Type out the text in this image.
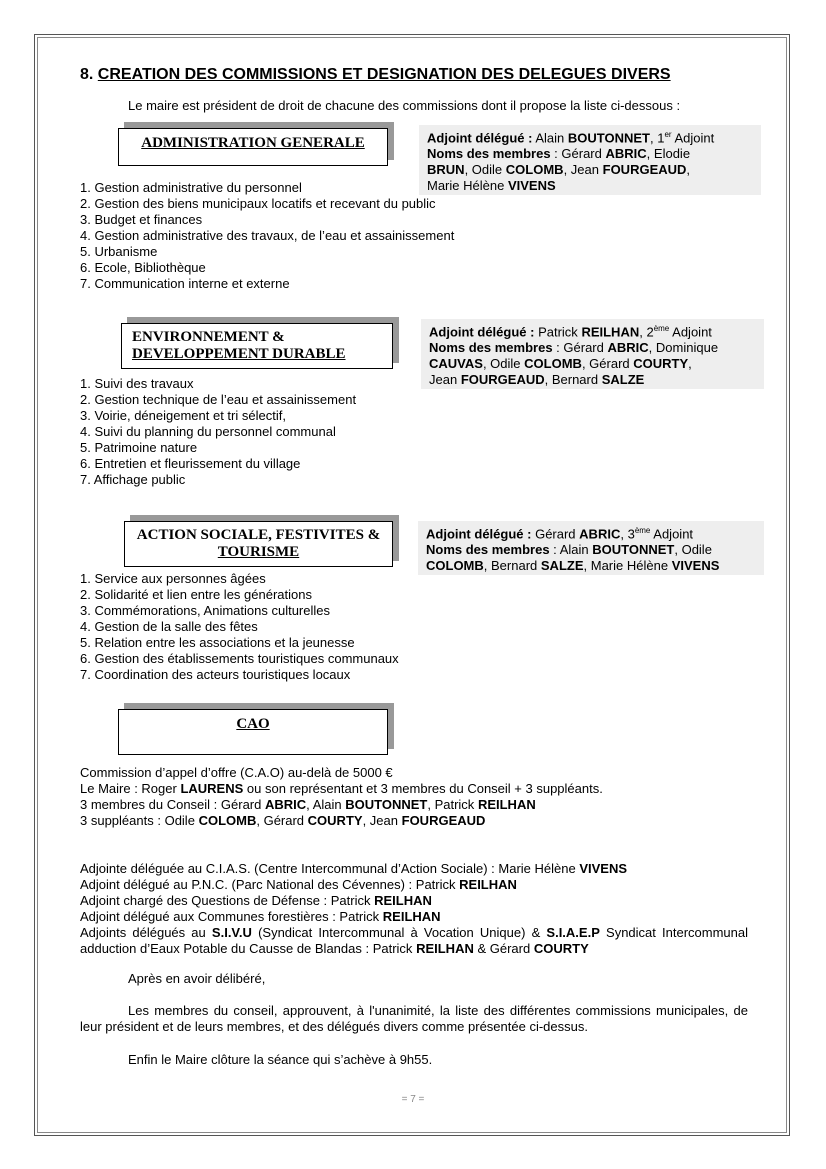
8. CREATION DES COMMISSIONS ET DESIGNATION DES DELEGUES DIVERS
Le maire est président de droit de chacune des commissions dont il propose la liste ci-dessous :
ADMINISTRATION GENERALE	Adjoint délégué : Alain BOUTONNET, 1er Adjoint
Noms des membres : Gérard ABRIC, Elodie
BRUN, Odile COLOMB, Jean FOURGEAUD,
Marie Hélène VIVENS
1. Gestion administrative du personnel
2. Gestion des biens municipaux locatifs et recevant du public
3. Budget et finances
4. Gestion administrative des travaux, de l’eau et assainissement
5. Urbanisme
6. Ecole, Bibliothèque
7. Communication interne et externe
ENVIRONNEMENT &
DEVELOPPEMENT DURABLE
Adjoint délégué : Patrick REILHAN, 2ème Adjoint
Noms des membres : Gérard ABRIC, Dominique
CAUVAS, Odile COLOMB, Gérard COURTY,
Jean FOURGEAUD, Bernard SALZE
1. Suivi des travaux
2. Gestion technique de l’eau et assainissement
3. Voirie, déneigement et tri sélectif,
4. Suivi du planning du personnel communal
5. Patrimoine nature
6. Entretien et fleurissement du village
7. Affichage public
ACTION SOCIALE, FESTIVITES &
TOURISME
Adjoint délégué : Gérard ABRIC, 3ème Adjoint
Noms des membres : Alain BOUTONNET, Odile
COLOMB, Bernard SALZE, Marie Hélène VIVENS
1. Service aux personnes âgées
2. Solidarité et lien entre les générations
3. Commémorations, Animations culturelles
4. Gestion de la salle des fêtes
5. Relation entre les associations et la jeunesse
6. Gestion des établissements touristiques communaux
7. Coordination des acteurs touristiques locaux
CAO
Commission d’appel d’offre (C.A.O) au-delà de 5000 €
Le Maire : Roger LAURENS ou son représentant et 3 membres du Conseil + 3 suppléants.
3 membres du Conseil : Gérard ABRIC, Alain BOUTONNET, Patrick REILHAN
3 suppléants : Odile COLOMB, Gérard COURTY, Jean FOURGEAUD
Adjointe déléguée au C.I.A.S. (Centre Intercommunal d’Action Sociale) : Marie Hélène VIVENS
Adjoint délégué au P.N.C. (Parc National des Cévennes) : Patrick REILHAN
Adjoint chargé des Questions de Défense : Patrick REILHAN
Adjoint délégué aux Communes forestières : Patrick REILHAN
Adjoints délégués au S.I.V.U (Syndicat Intercommunal à Vocation Unique) & S.I.A.E.P Syndicat Intercommunal adduction d’Eaux Potable du Causse de Blandas : Patrick REILHAN & Gérard COURTY
Après en avoir délibéré,
Les membres du conseil, approuvent, à l'unanimité, la liste des différentes commissions municipales, de leur président et de leurs membres, et des délégués divers comme présentée ci-dessus.
Enfin le Maire clôture la séance qui s’achève à 9h55.
= 7 =
